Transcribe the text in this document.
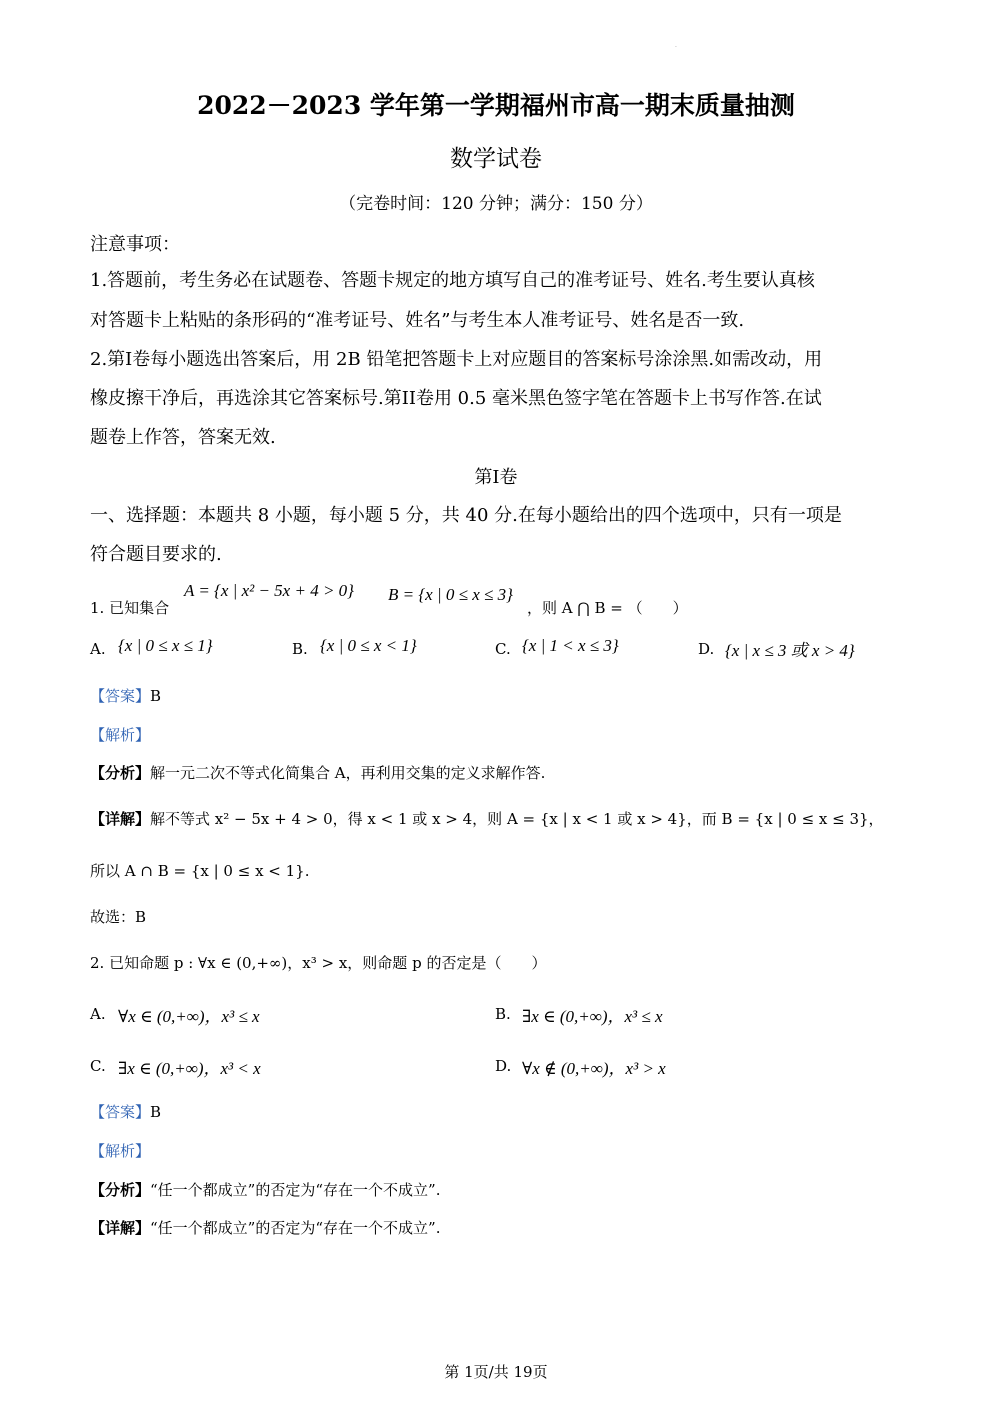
.
2022－2023 学年第一学期福州市高一期末质量抽测
数学试卷
（完卷时间：120 分钟；满分：150 分）
注意事项：
1.答题前，考生务必在试题卷、答题卡规定的地方填写自己的准考证号、姓名.考生要认真核
对答题卡上粘贴的条形码的“准考证号、姓名”与考生本人准考证号、姓名是否一致.
2.第I卷每小题选出答案后，用 2B 铅笔把答题卡上对应题目的答案标号涂涂黑.如需改动，用
橡皮擦干净后，再选涂其它答案标号.第II卷用 0.5 毫米黑色签字笔在答题卡上书写作答.在试
题卷上作答，答案无效.
第I卷
一、选择题：本题共 8 小题，每小题 5 分，共 40 分.在每小题给出的四个选项中，只有一项是
符合题目要求的.
1. 已知集合
A = {x | x² − 5x + 4 > 0} B = {x | 0 ≤ x ≤ 3}
，则 A ⋂ B = （　　）
A. {x | 0 ≤ x ≤ 1}	B. {x | 0 ≤ x < 1}	C. {x | 1 < x ≤ 3}	D. {x | x ≤ 3 或 x > 4}
【答案】B
【解析】
【分析】解一元二次不等式化简集合 A，再利用交集的定义求解作答.
【详解】解不等式 x² − 5x + 4 > 0，得 x < 1 或 x > 4，则 A = {x | x < 1 或 x > 4}，而 B = {x | 0 ≤ x ≤ 3}，
所以 A ∩ B = {x | 0 ≤ x < 1}.
故选：B
2. 已知命题 p : ∀x ∈ (0,+∞)，x³ > x，则命题 p 的否定是（　　）
A. ∀x ∈ (0,+∞)，x³ ≤ x	B. ∃x ∈ (0,+∞)，x³ ≤ x
C. ∃x ∈ (0,+∞)，x³ < x	D. ∀x ∉ (0,+∞)，x³ > x
【答案】B
【解析】
【分析】“任一个都成立”的否定为“存在一个不成立”.
【详解】“任一个都成立”的否定为“存在一个不成立”.
第 1页/共 19页
